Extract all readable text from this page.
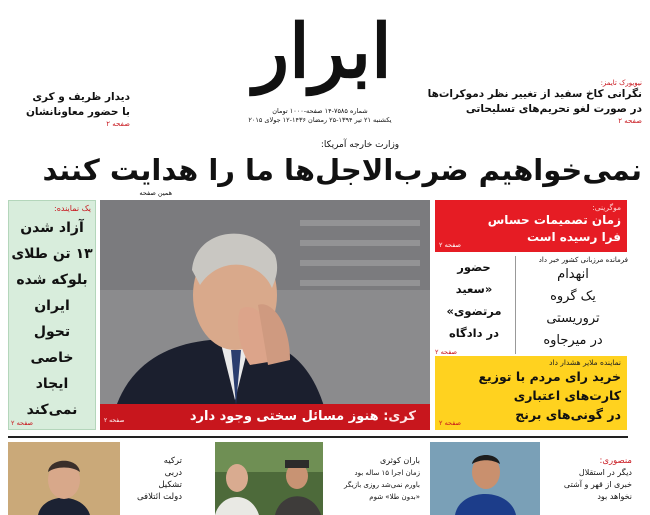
ابرار
شماره ۷۵۸۵-۱۴ صفحه-۱۰۰۰ تومان
یکشنبه ۲۱ تیر ۱۳۹۴-۲۵ رمضان ۱۴۳۶-۱۲ جولای ۲۰۱۵
دیدار ظریف و کری
با حضور معاونانشان
صفحه ۲
نیویورک تایمز:
نگرانی کاخ سفید از تغییر نظر دموکرات‌ها
در صورت لغو تحریم‌های تسلیحاتی
صفحه ۲
وزارت خارجه آمریکا:
نمی‌خواهیم ضرب‌الاجل‌ها ما را هدایت کنند
همین صفحه
یک نماینده:
آزاد شدن
۱۳ تن طلای
بلوکه شده
ایران
تحول
خاصی
ایجاد
نمی‌کند
صفحه ۲	کری: هنوز مسائل سختی وجود دارد
صفحه ۲
موگرینی:
زمان تصمیمات حساس
فرا رسیده است
صفحه ۲
حضور
«سعید
مرتضوی»
در دادگاه
صفحه ۲
فرمانده مرزبانی کشور خبر داد
انهدام
یک گروه
تروریستی
در میرجاوه
نماینده ملایر هشدار داد
خرید رای مردم با توزیع
کارت‌های اعتباری
در گونی‌های برنج
صفحه ۲
ترکیه
دربی
تشکیل
دولت ائتلافی
باران کوثری
زمان اجرا ۱۵ ساله بود
باورم نمی‌شد روزی بازیگر
«بدون طلا» شوم
منصوری:
دیگر در استقلال
خبری از قهر و آشتی
نخواهد بود
